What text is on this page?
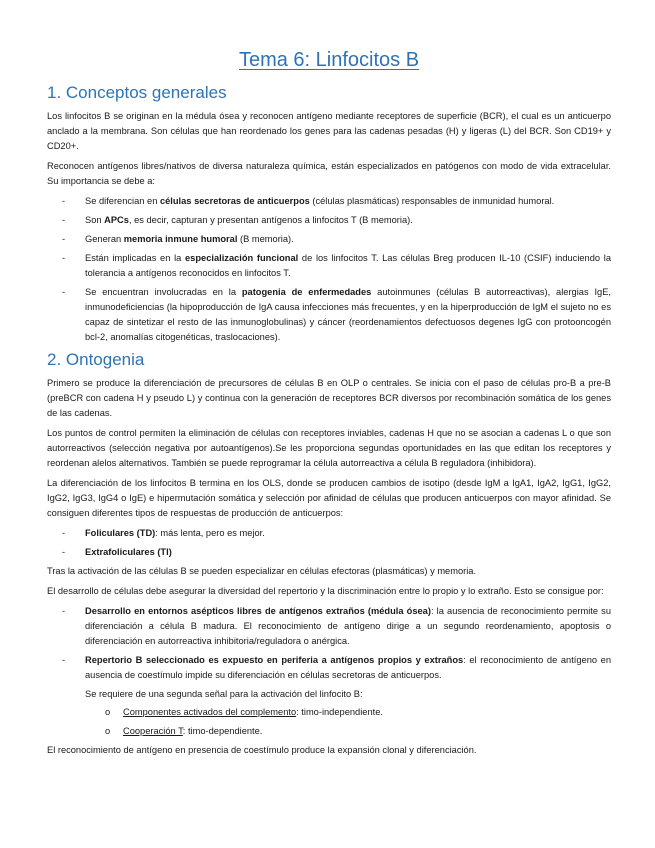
Tema 6: Linfocitos B
1. Conceptos generales

Los linfocitos B se originan en la médula ósea y reconocen antígeno mediante receptores de superficie (BCR), el cual es un anticuerpo anclado a la membrana. Son células que han reordenado los genes para las cadenas pesadas (H) y ligeras (L) del BCR. Son CD19+ y CD20+.

Reconocen antígenos libres/nativos de diversa naturaleza química, están especializados en patógenos con modo de vida extracelular. Su importancia se debe a:

- Se diferencian en células secretoras de anticuerpos (células plasmáticas) responsables de inmunidad humoral.
- Son APCs, es decir, capturan y presentan antígenos a linfocitos T (B memoria).
- Generan memoria inmune humoral (B memoria).
- Están implicadas en la especialización funcional de los linfocitos T. Las células Breg producen IL-10 (CSIF) induciendo la tolerancia a antígenos reconocidos en linfocitos T.
- Se encuentran involucradas en la patogenia de enfermedades autoinmunes (células B autorreactivas), alergias IgE, inmunodeficiencias (la hipoproducción de IgA causa infecciones más frecuentes, y en la hiperproducción de IgM el sujeto no es capaz de sintetizar el resto de las inmunoglobulinas) y cáncer (reordenamientos defectuosos degenes IgG con protooncogén bcl-2, anomalías citogenéticas, traslocaciones).
2. Ontogenia

Primero se produce la diferenciación de precursores de células B en OLP o centrales. Se inicia con el paso de células pro-B a pre-B (preBCR con cadena H y pseudo L) y continua con la generación de receptores BCR diversos por recombinación somática de los genes de las cadenas.

Los puntos de control permiten la eliminación de células con receptores inviables, cadenas H que no se asocian a cadenas L o que son autorreactivos (selección negativa por autoantígenos).Se les proporciona segundas oportunidades en las que editan los receptores y reordenan alelos alternativos. También se puede reprogramar la célula autorreactiva a célula B reguladora (inhibidora).

La diferenciación de los linfocitos B termina en los OLS, donde se producen cambios de isotipo (desde IgM a IgA1, IgA2, IgG1, IgG2, IgG2, IgG3, IgG4 o IgE) e hipermutación somática y selección por afinidad de células que producen anticuerpos con mayor afinidad. Se consiguen diferentes tipos de respuestas de producción de anticuerpos:

- Foliculares (TD): más lenta, pero es mejor.
- Extrafoliculares (TI)

Tras la activación de las células B se pueden especializar en células efectoras (plasmáticas) y memoria.

El desarrollo de células debe asegurar la diversidad del repertorio y la discriminación entre lo propio y lo extraño. Esto se consigue por:

- Desarrollo en entornos asépticos libres de antígenos extraños (médula ósea): la ausencia de reconocimiento permite su diferenciación a célula B madura. El reconocimiento de antígeno dirige a un segundo reordenamiento, apoptosis o diferenciación en autorreactiva inhibitoria/reguladora o anérgica.
- Repertorio B seleccionado es expuesto en periferia a antígenos propios y extraños: el reconocimiento de antígeno en ausencia de coestímulo impide su diferenciación en células secretoras de anticuerpos.
Se requiere de una segunda señal para la activación del linfocito B:
o Componentes activados del complemento: timo-independiente.
o Cooperación T: timo-dependiente.

El reconocimiento de antígeno en presencia de coestímulo produce la expansión clonal y diferenciación.
